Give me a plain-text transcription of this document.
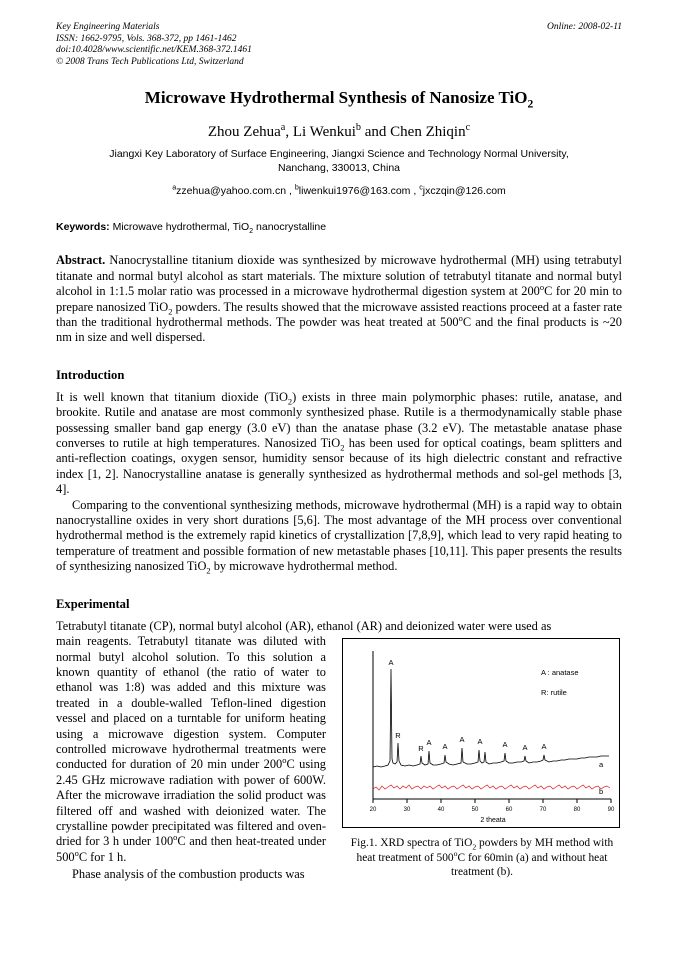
Key Engineering Materials
ISSN: 1662-9795, Vols. 368-372, pp 1461-1462
doi:10.4028/www.scientific.net/KEM.368-372.1461
© 2008 Trans Tech Publications Ltd, Switzerland
Online: 2008-02-11
Microwave Hydrothermal Synthesis of Nanosize TiO$_2$
Zhou Zehua$^a$, Li Wenkui$^b$ and Chen Zhiqin$^c$
Jiangxi Key Laboratory of Surface Engineering, Jiangxi Science and Technology Normal University,
Nanchang, 330013, China
$^a$zzehua@yahoo.com.cn , $^b$liwenkui1976@163.com , $^c$jxczqin@126.com
Keywords: Microwave hydrothermal, TiO$_2$ nanocrystalline
Abstract. Nanocrystalline titanium dioxide was synthesized by microwave hydrothermal (MH) using tetrabutyl titanate and normal butyl alcohol as start materials. The mixture solution of tetrabutyl titanate and normal butyl alcohol in 1:1.5 molar ratio was processed in a microwave hydrothermal digestion system at 200$^o$C for 20 min to prepare nanosized TiO$_2$ powders. The results showed that the microwave assisted reactions proceed at a faster rate than the traditional hydrothermal methods. The powder was heat treated at 500$^o$C and the final products is ~20 nm in size and well dispersed.
Introduction

It is well known that titanium dioxide (TiO$_2$) exists in three main polymorphic phases: rutile, anatase, and brookite. Rutile and anatase are most commonly synthesized phase. Rutile is a thermodynamically stable phase possessing smaller band gap energy (3.0 eV) than the anatase phase (3.2 eV). The metastable anatase phase converses to rutile at high temperatures. Nanosized TiO$_2$ has been used for optical coatings, beam splitters and anti-reflection coatings, oxygen sensor, humidity sensor because of its high dielectric constant and refractive index [1, 2]. Nanocrystalline anatase is generally synthesized as hydrothermal methods and sol-gel methods [3, 4].

Comparing to the conventional synthesizing methods, microwave hydrothermal (MH) is a rapid way to obtain nanocrystalline oxides in very short durations [5,6]. The most advantage of the MH process over conventional hydrothermal method is the extremely rapid kinetics of crystallization [7,8,9], which lead to very rapid heating to temperature of treatment and possible formation of new metastable phases [10,11]. This paper presents the results of synthesizing nanosized TiO$_2$ by microwave hydrothermal method.

Experimental

Tetrabutyl titanate (CP), normal butyl alcohol (AR), ethanol (AR) and deionized water were used as

20	30	40	50	60	70	80	90
2 theata
A
R
R
A A
A A	A A A
A : anatase
R: rutile
a
b
Fig.1. XRD spectra of TiO$_2$ powders by MH method with heat treatment of 500$^o$C for 60min (a) and without heat treatment (b).
main reagents. Tetrabutyl titanate was diluted with normal butyl alcohol solution. To this solution a known quantity of ethanol (the ratio of water to ethanol was 1:8) was added and this mixture was treated in a double-walled Teflon-lined digestion vessel and placed on a turntable for uniform heating using a microwave digestion system. Computer controlled microwave hydrothermal treatments were conducted for duration of 20 min under 200$^o$C using 2.45 GHz microwave radiation with power of 600W. After the microwave irradiation the solid product was filtered off and washed with deionized water. The crystalline powder precipitated was filtered and oven-dried for 3 h under 100$^o$C and then heat-treated under 500$^o$C for 1 h.
Phase analysis of the combustion products was
